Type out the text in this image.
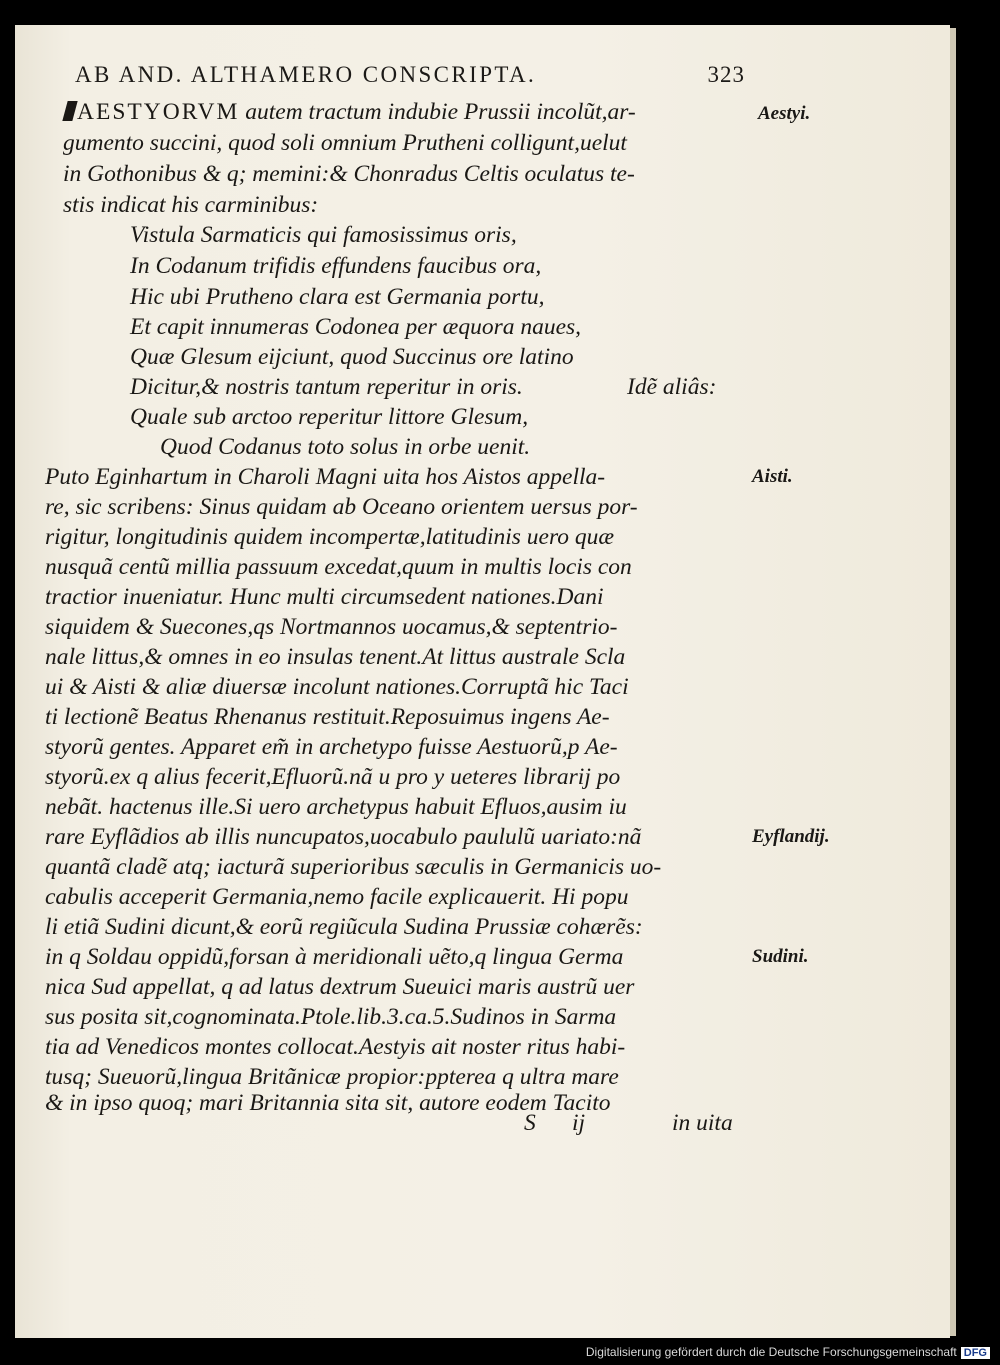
AB AND. ALTHAMERO CONSCRIPTA.	323
AESTYORVM autem tractum indubie Prussii incolũt,ar-
gumento succini, quod soli omnium Prutheni colligunt,uelut
in Gothonibus & q; memini:& Chonradus Celtis oculatus te-
stis indicat his carminibus:
Vistula Sarmaticis qui famosissimus oris,
In Codanum trifidis effundens faucibus ora,
Hic ubi Prutheno clara est Germania portu,
Et capit innumeras Codonea per æquora naues,
Quæ Glesum eijciunt, quod Succinus ore latino
Dicitur,& nostris tantum reperitur in oris.	Idẽ aliâs:
Quale sub arctoo reperitur littore Glesum,
Quod Codanus toto solus in orbe uenit.
Puto Eginhartum in Charoli Magni uita hos Aistos appella-
re, sic scribens: Sinus quidam ab Oceano orientem uersus por-
rigitur, longitudinis quidem incompertæ,latitudinis uero quæ
nusquã centũ millia passuum excedat,quum in multis locis con
tractior inueniatur. Hunc multi circumsedent nationes.Dani
siquidem & Suecones,qs Nortmannos uocamus,& septentrio-
nale littus,& omnes in eo insulas tenent.At littus australe Scla
ui & Aisti & aliæ diuersæ incolunt nationes.Corruptã hic Taci
ti lectionẽ Beatus Rhenanus restituit.Reposuimus ingens Ae-
styorũ gentes. Apparet em̃ in archetypo fuisse Aestuorũ,p Ae-
styorũ.ex q alius fecerit,Efluorũ.nã u pro y ueteres librarij po
nebãt. hactenus ille.Si uero archetypus habuit Efluos,ausim iu
rare Eyflãdios ab illis nuncupatos,uocabulo paululũ uariato:nã
quantã cladẽ atq; iacturã superioribus sæculis in Germanicis uo-
cabulis acceperit Germania,nemo facile explicauerit. Hi popu
li etiã Sudini dicunt,& eorũ regiũcula Sudina Prussiæ cohærẽs:
in q Soldau oppidũ,forsan à meridionali uẽto,q lingua Germa
nica Sud appellat, q ad latus dextrum Sueuici maris austrũ uer
sus posita sit,cognominata.Ptole.lib.3.ca.5.Sudinos in Sarma
tia ad Venedicos montes collocat.Aestyis ait noster ritus habi-
tusq; Sueuorũ,lingua Britãnicæ propior:ppterea q ultra mare
& in ipso quoq; mari Britannia sita sit, autore eodem Tacito
Aestyi.
Aisti.
Eyflandij.
Sudini.
S ij	in uita
Digitalisierung gefördert durch die Deutsche Forschungsgemeinschaft DFG
